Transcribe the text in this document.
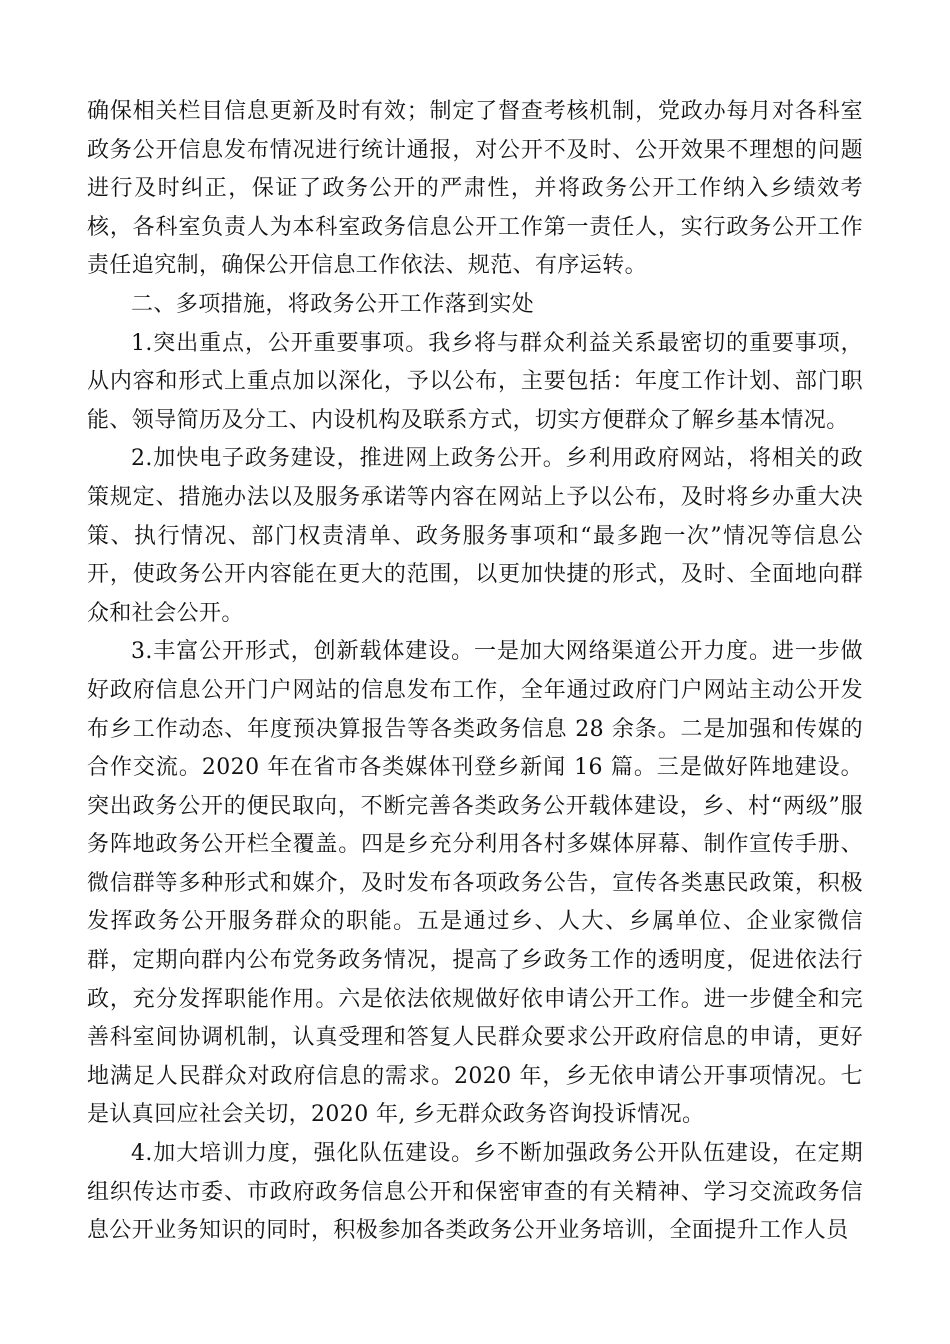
确保相关栏目信息更新及时有效；制定了督查考核机制，党政办每月对各科室政务公开信息发布情况进行统计通报，对公开不及时、公开效果不理想的问题进行及时纠正，保证了政务公开的严肃性，并将政务公开工作纳入乡绩效考核，各科室负责人为本科室政务信息公开工作第一责任人，实行政务公开工作责任追究制，确保公开信息工作依法、规范、有序运转。

二、多项措施，将政务公开工作落到实处

1.突出重点，公开重要事项。我乡将与群众利益关系最密切的重要事项，从内容和形式上重点加以深化，予以公布，主要包括：年度工作计划、部门职能、领导简历及分工、内设机构及联系方式，切实方便群众了解乡基本情况。

2.加快电子政务建设，推进网上政务公开。乡利用政府网站，将相关的政策规定、措施办法以及服务承诺等内容在网站上予以公布，及时将乡办重大决策、执行情况、部门权责清单、政务服务事项和“最多跑一次”情况等信息公开，使政务公开内容能在更大的范围，以更加快捷的形式，及时、全面地向群众和社会公开。

3.丰富公开形式，创新载体建设。一是加大网络渠道公开力度。进一步做好政府信息公开门户网站的信息发布工作，全年通过政府门户网站主动公开发布乡工作动态、年度预决算报告等各类政务信息 28 余条。二是加强和传媒的合作交流。2020 年在省市各类媒体刊登乡新闻 16 篇。三是做好阵地建设。突出政务公开的便民取向，不断完善各类政务公开载体建设，乡、村“两级”服务阵地政务公开栏全覆盖。四是乡充分利用各村多媒体屏幕、制作宣传手册、微信群等多种形式和媒介，及时发布各项政务公告，宣传各类惠民政策，积极发挥政务公开服务群众的职能。五是通过乡、人大、乡属单位、企业家微信群，定期向群内公布党务政务情况，提高了乡政务工作的透明度，促进依法行政，充分发挥职能作用。六是依法依规做好依申请公开工作。进一步健全和完善科室间协调机制，认真受理和答复人民群众要求公开政府信息的申请，更好地满足人民群众对政府信息的需求。2020 年，乡无依申请公开事项情况。七是认真回应社会关切，2020 年, 乡无群众政务咨询投诉情况。

4.加大培训力度，强化队伍建设。乡不断加强政务公开队伍建设，在定期组织传达市委、市政府政务信息公开和保密审查的有关精神、学习交流政务信息公开业务知识的同时，积极参加各类政务公开业务培训，全面提升工作人员
